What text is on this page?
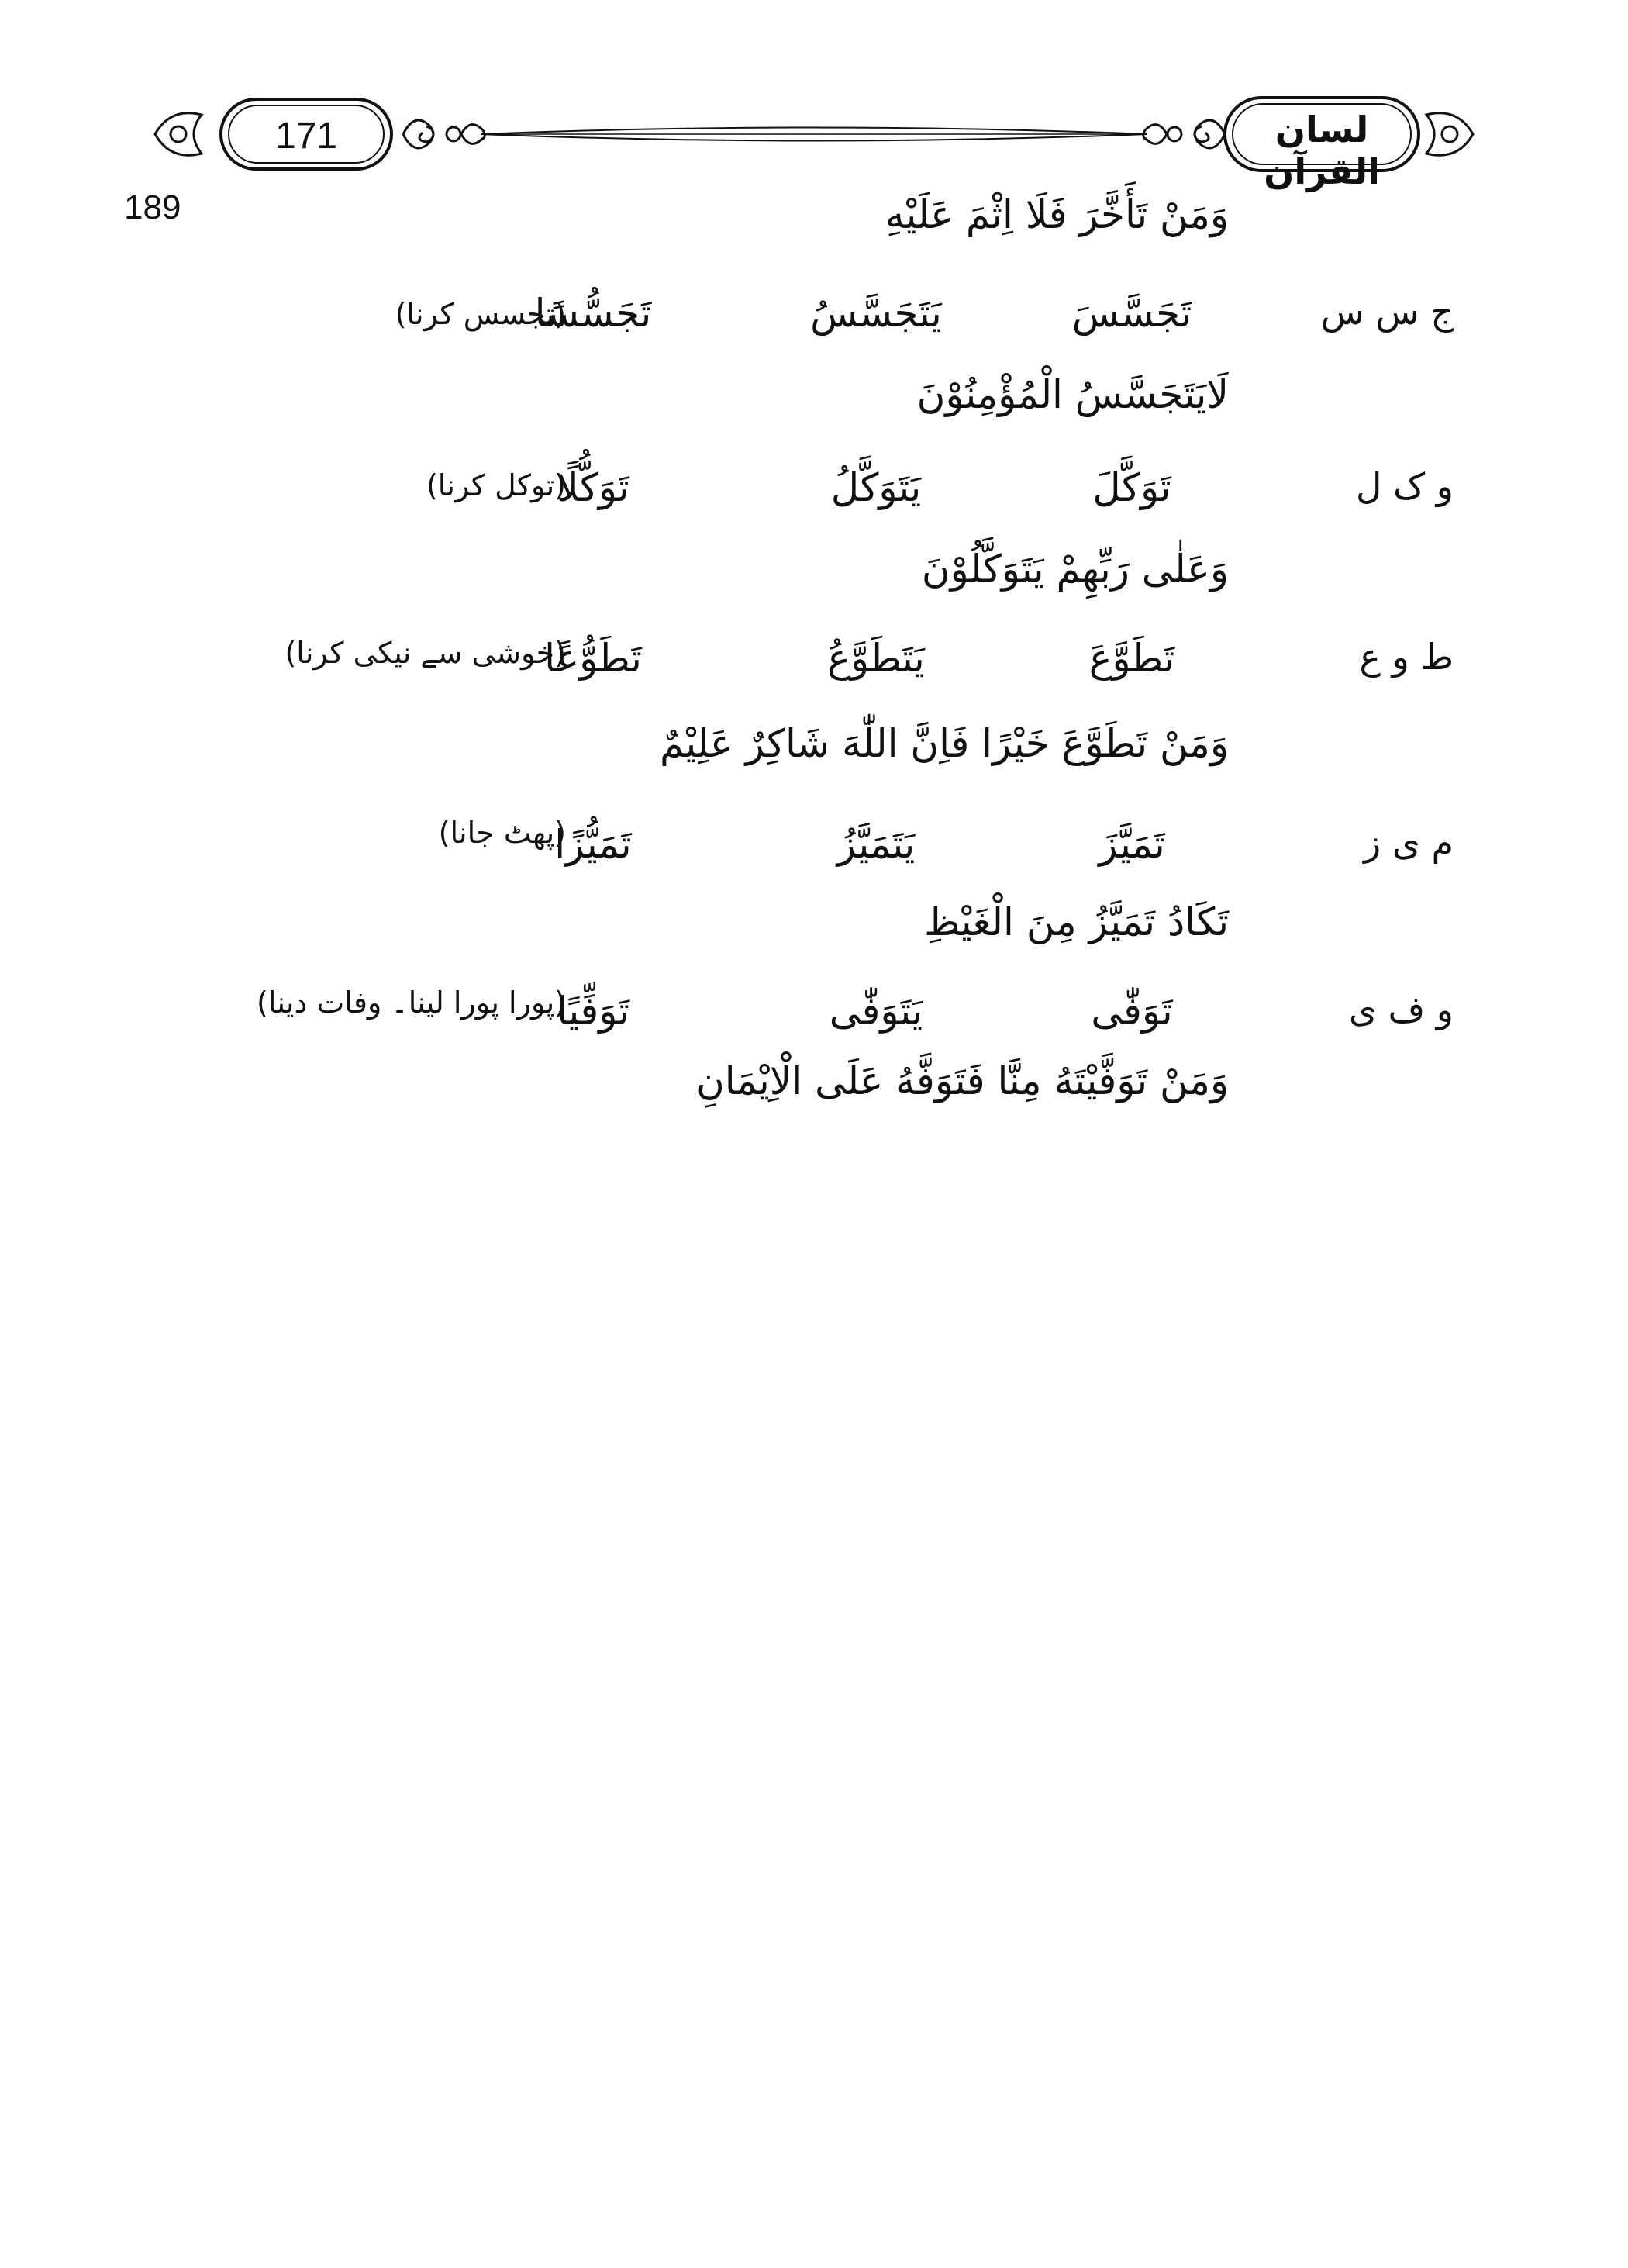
171	لسان القرآن
189	وَمَنْ تَأَخَّرَ فَلَا اِثْمَ عَلَيْهِ
ج س س
تَجَسَّسَ
يَتَجَسَّسُ
تَجَسُّسًا
(تجسس کرنا)
لَايَتَجَسَّسُ الْمُؤْمِنُوْنَ
و ک ل
تَوَكَّلَ
يَتَوَكَّلُ
تَوَكُّلًا
(توکل کرنا)
وَعَلٰى رَبِّهِمْ يَتَوَكَّلُوْنَ
ط و ع
تَطَوَّعَ
يَتَطَوَّعُ
تَطَوُّعًا
(خوشی سے نیکی کرنا)
وَمَنْ تَطَوَّعَ خَيْرًا فَاِنَّ اللّٰهَ شَاكِرٌ عَلِيْمٌ
م ی ز
تَمَيَّزَ
يَتَمَيَّزُ
تَمَيُّزًا
(پھٹ جانا)
تَكَادُ تَمَيَّزُ مِنَ الْغَيْظِ
و ف ی
تَوَفّٰى
يَتَوَفّٰى
تَوَفِّيًا
(پورا پورا لینا۔ وفات دینا)
وَمَنْ تَوَفَّيْتَهُ مِنَّا فَتَوَفَّهُ عَلَى الْاِيْمَانِ
